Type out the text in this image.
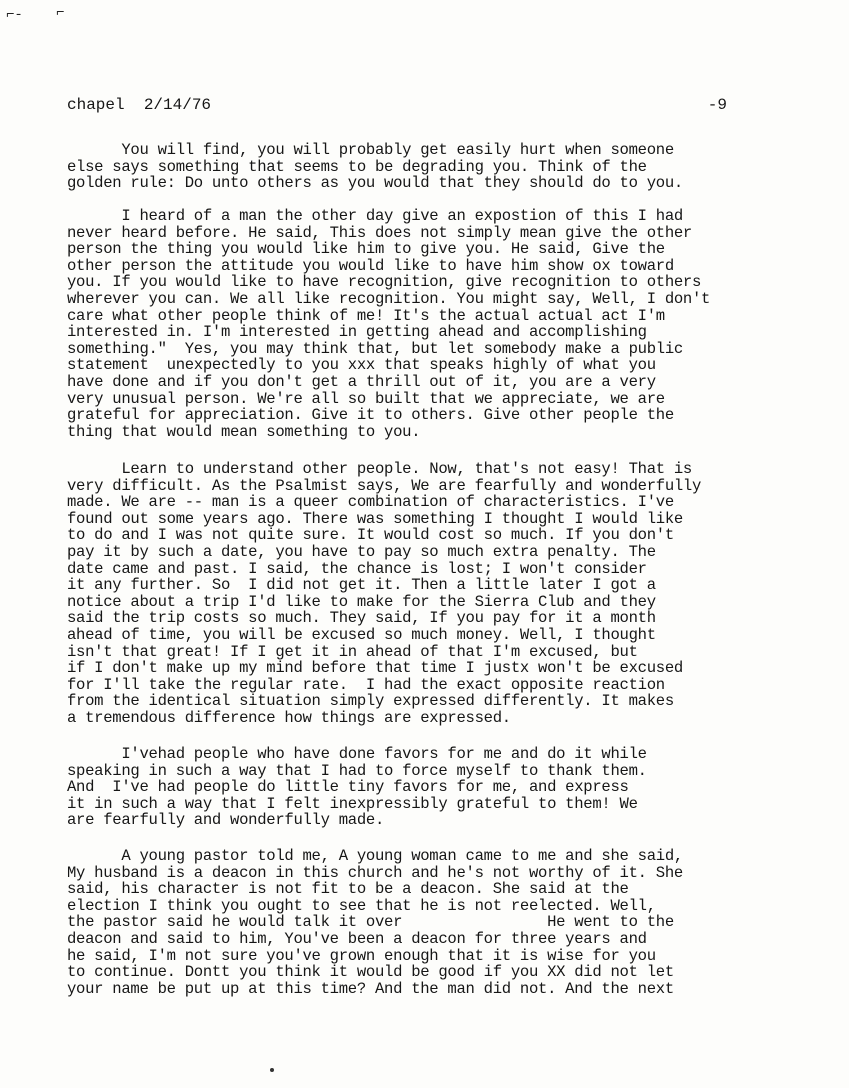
⌐- ⌐
chapel  2/14/76	-9
You will find, you will probably get easily hurt when someone
else says something that seems to be degrading you. Think of the
golden rule: Do unto others as you would that they should do to you.
I heard of a man the other day give an expostion of this I had
never heard before. He said, This does not simply mean give the other
person the thing you would like him to give you. He said, Give the
other person the attitude you would like to have him show ox toward
you. If you would like to have recognition, give recognition to others
wherever you can. We all like recognition. You might say, Well, I don't
care what other people think of me! It's the actual actual act I'm
interested in. I'm interested in getting ahead and accomplishing
something."  Yes, you may think that, but let somebody make a public
statement  unexpectedly to you xxx that speaks highly of what you
have done and if you don't get a thrill out of it, you are a very
very unusual person. We're all so built that we appreciate, we are
grateful for appreciation. Give it to others. Give other people the
thing that would mean something to you.
Learn to understand other people. Now, that's not easy! That is
very difficult. As the Psalmist says, We are fearfully and wonderfully
made. We are -- man is a queer combination of characteristics. I've
found out some years ago. There was something I thought I would like
to do and I was not quite sure. It would cost so much. If you don't
pay it by such a date, you have to pay so much extra penalty. The
date came and past. I said, the chance is lost; I won't consider
it any further. So  I did not get it. Then a little later I got a
notice about a trip I'd like to make for the Sierra Club and they
said the trip costs so much. They said, If you pay for it a month
ahead of time, you will be excused so much money. Well, I thought
isn't that great! If I get it in ahead of that I'm excused, but
if I don't make up my mind before that time I justx won't be excused
for I'll take the regular rate.  I had the exact opposite reaction
from the identical situation simply expressed differently. It makes
a tremendous difference how things are expressed.
I'vehad people who have done favors for me and do it while
speaking in such a way that I had to force myself to thank them.
And  I've had people do little tiny favors for me, and express
it in such a way that I felt inexpressibly grateful to them! We
are fearfully and wonderfully made.
A young pastor told me, A young woman came to me and she said,
My husband is a deacon in this church and he's not worthy of it. She
said, his character is not fit to be a deacon. She said at the
election I think you ought to see that he is not reelected. Well,
the pastor said he would talk it over                He went to the
deacon and said to him, You've been a deacon for three years and
he said, I'm not sure you've grown enough that it is wise for you
to continue. Dontt you think it would be good if you XX did not let
your name be put up at this time? And the man did not. And the next
